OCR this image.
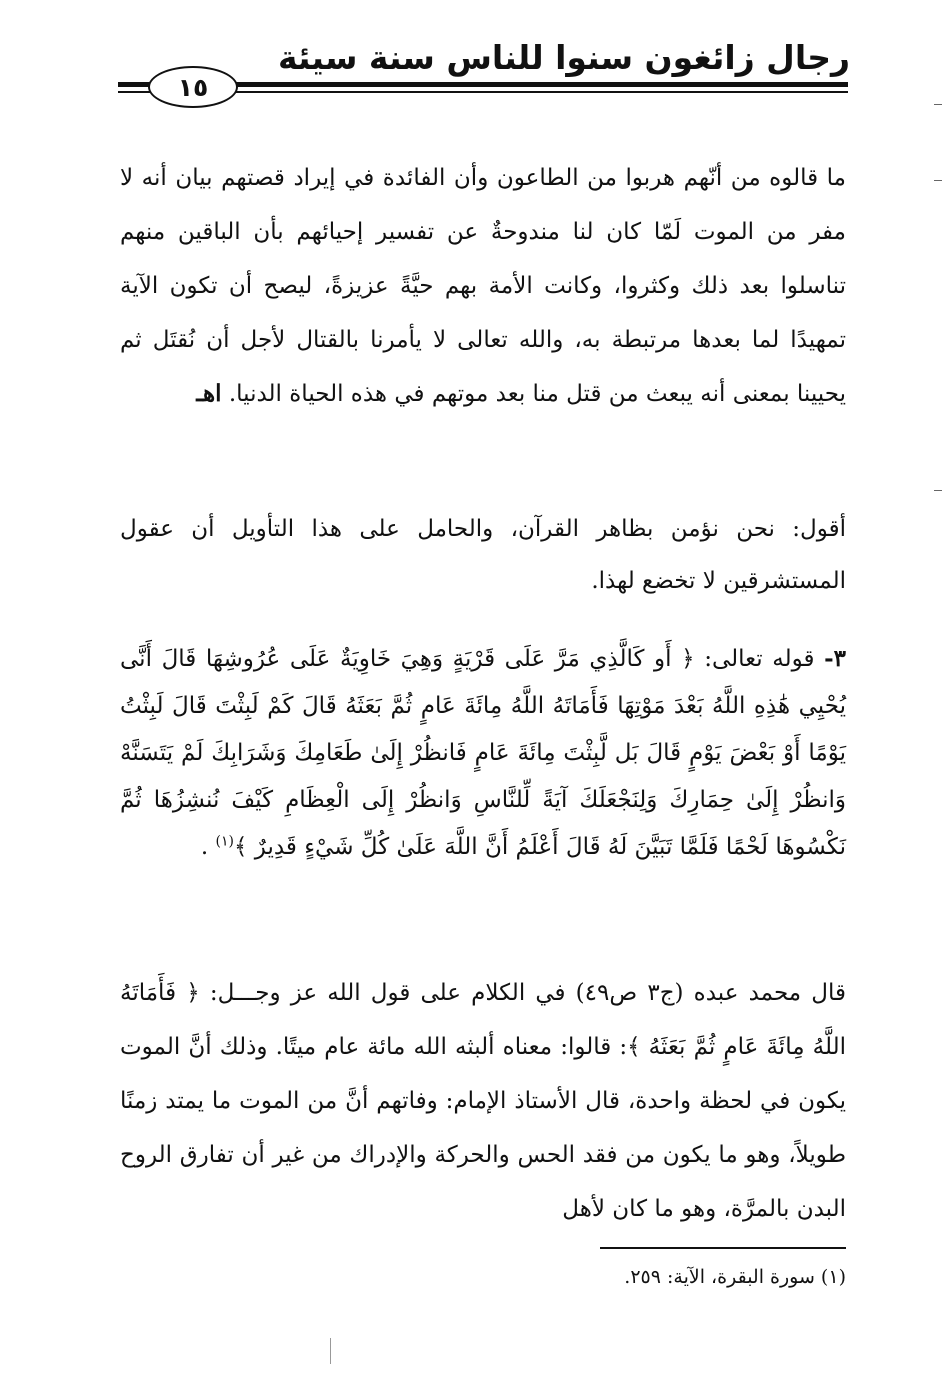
رجال زائغون سنوا للناس سنة سيئة
١٥

ما قالوه من أنّهم هربوا من الطاعون وأن الفائدة في إيراد قصتهم بيان أنه لا مفر من الموت لَمّا كان لنا مندوحةٌ عن تفسير إحيائهم بأن الباقين منهم تناسلوا بعد ذلك وكثروا، وكانت الأمة بهم حيَّةً عزيزةً، ليصح أن تكون الآية تمهيدًا لما بعدها مرتبطة به، والله تعالى لا يأمرنا بالقتال لأجل أن نُقتَل ثم يحيينا بمعنى أنه يبعث من قتل منا بعد موتهم في هذه الحياة الدنيا. اهـ

أقول: نحن نؤمن بظاهر القرآن، والحامل على هذا التأويل أن عقول المستشرقين لا تخضع لهذا.

٣- قوله تعالى: ﴿ أَو كَالَّذِي مَرَّ عَلَى قَرْيَةٍ وَهِيَ خَاوِيَةٌ عَلَى عُرُوشِهَا قَالَ أَنَّى يُحْيِي هَٰذِهِ اللَّهُ بَعْدَ مَوْتِهَا فَأَمَاتَهُ اللَّهُ مِائَةَ عَامٍ ثُمَّ بَعَثَهُ قَالَ كَمْ لَبِثْتَ قَالَ لَبِثْتُ يَوْمًا أَوْ بَعْضَ يَوْمٍ قَالَ بَل لَّبِثْتَ مِائَةَ عَامٍ فَانظُرْ إِلَىٰ طَعَامِكَ وَشَرَابِكَ لَمْ يَتَسَنَّهْ وَانظُرْ إِلَىٰ حِمَارِكَ وَلِنَجْعَلَكَ آيَةً لِّلنَّاسِ وَانظُرْ إِلَى الْعِظَامِ كَيْفَ نُنشِزُهَا ثُمَّ نَكْسُوهَا لَحْمًا فَلَمَّا تَبَيَّنَ لَهُ قَالَ أَعْلَمُ أَنَّ اللَّهَ عَلَىٰ كُلِّ شَيْءٍ قَدِيرٌ ﴾$^{(١)}$ .

قال محمد عبده (ج٣ ص٤٩) في الكلام على قول الله عز وجـــل: ﴿ فَأَمَاتَهُ اللَّهُ مِائَةَ عَامٍ ثُمَّ بَعَثَهُ ﴾: قالوا: معناه ألبثه الله مائة عام ميتًا. وذلك أنَّ الموت يكون في لحظة واحدة، قال الأستاذ الإمام: وفاتهم أنَّ من الموت ما يمتد زمنًا طويلاً، وهو ما يكون من فقد الحس والحركة والإدراك من غير أن تفارق الروح البدن بالمرَّة، وهو ما كان لأهل

(١) سورة البقرة، الآية: ٢٥٩.
